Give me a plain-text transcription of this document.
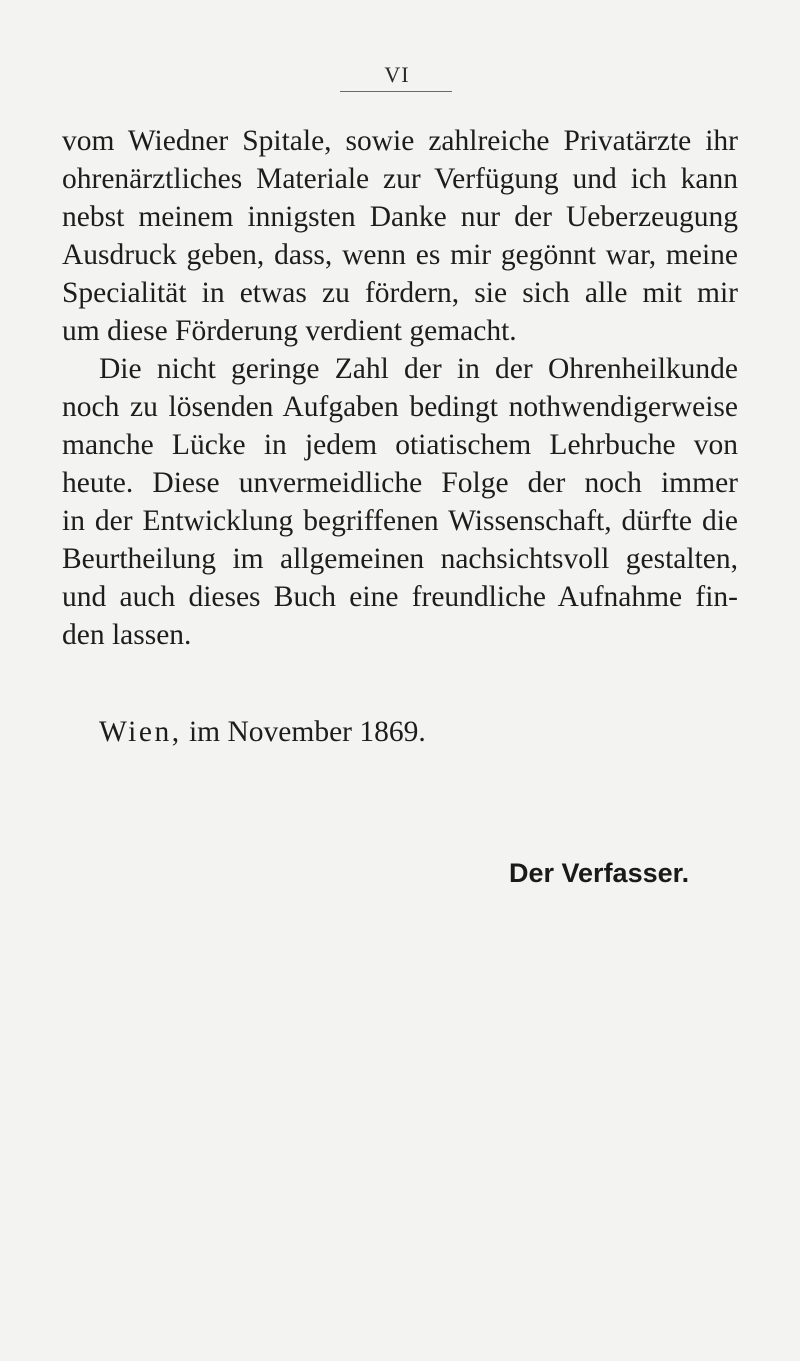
VI
vom Wiedner Spitale, sowie zahlreiche Privatärzte ihr
ohrenärztliches Materiale zur Verfügung und ich kann
nebst meinem innigsten Danke nur der Ueberzeugung
Ausdruck geben, dass, wenn es mir gegönnt war, meine
Specialität in etwas zu fördern, sie sich alle mit mir
um diese Förderung verdient gemacht.
Die nicht geringe Zahl der in der Ohrenheilkunde
noch zu lösenden Aufgaben bedingt nothwendigerweise
manche Lücke in jedem otiatischem Lehrbuche von
heute. Diese unvermeidliche Folge der noch immer
in der Entwicklung begriffenen Wissenschaft, dürfte die
Beurtheilung im allgemeinen nachsichtsvoll gestalten,
und auch dieses Buch eine freundliche Aufnahme fin-
den lassen.
Wien, im November 1869.
Der Verfasser.
